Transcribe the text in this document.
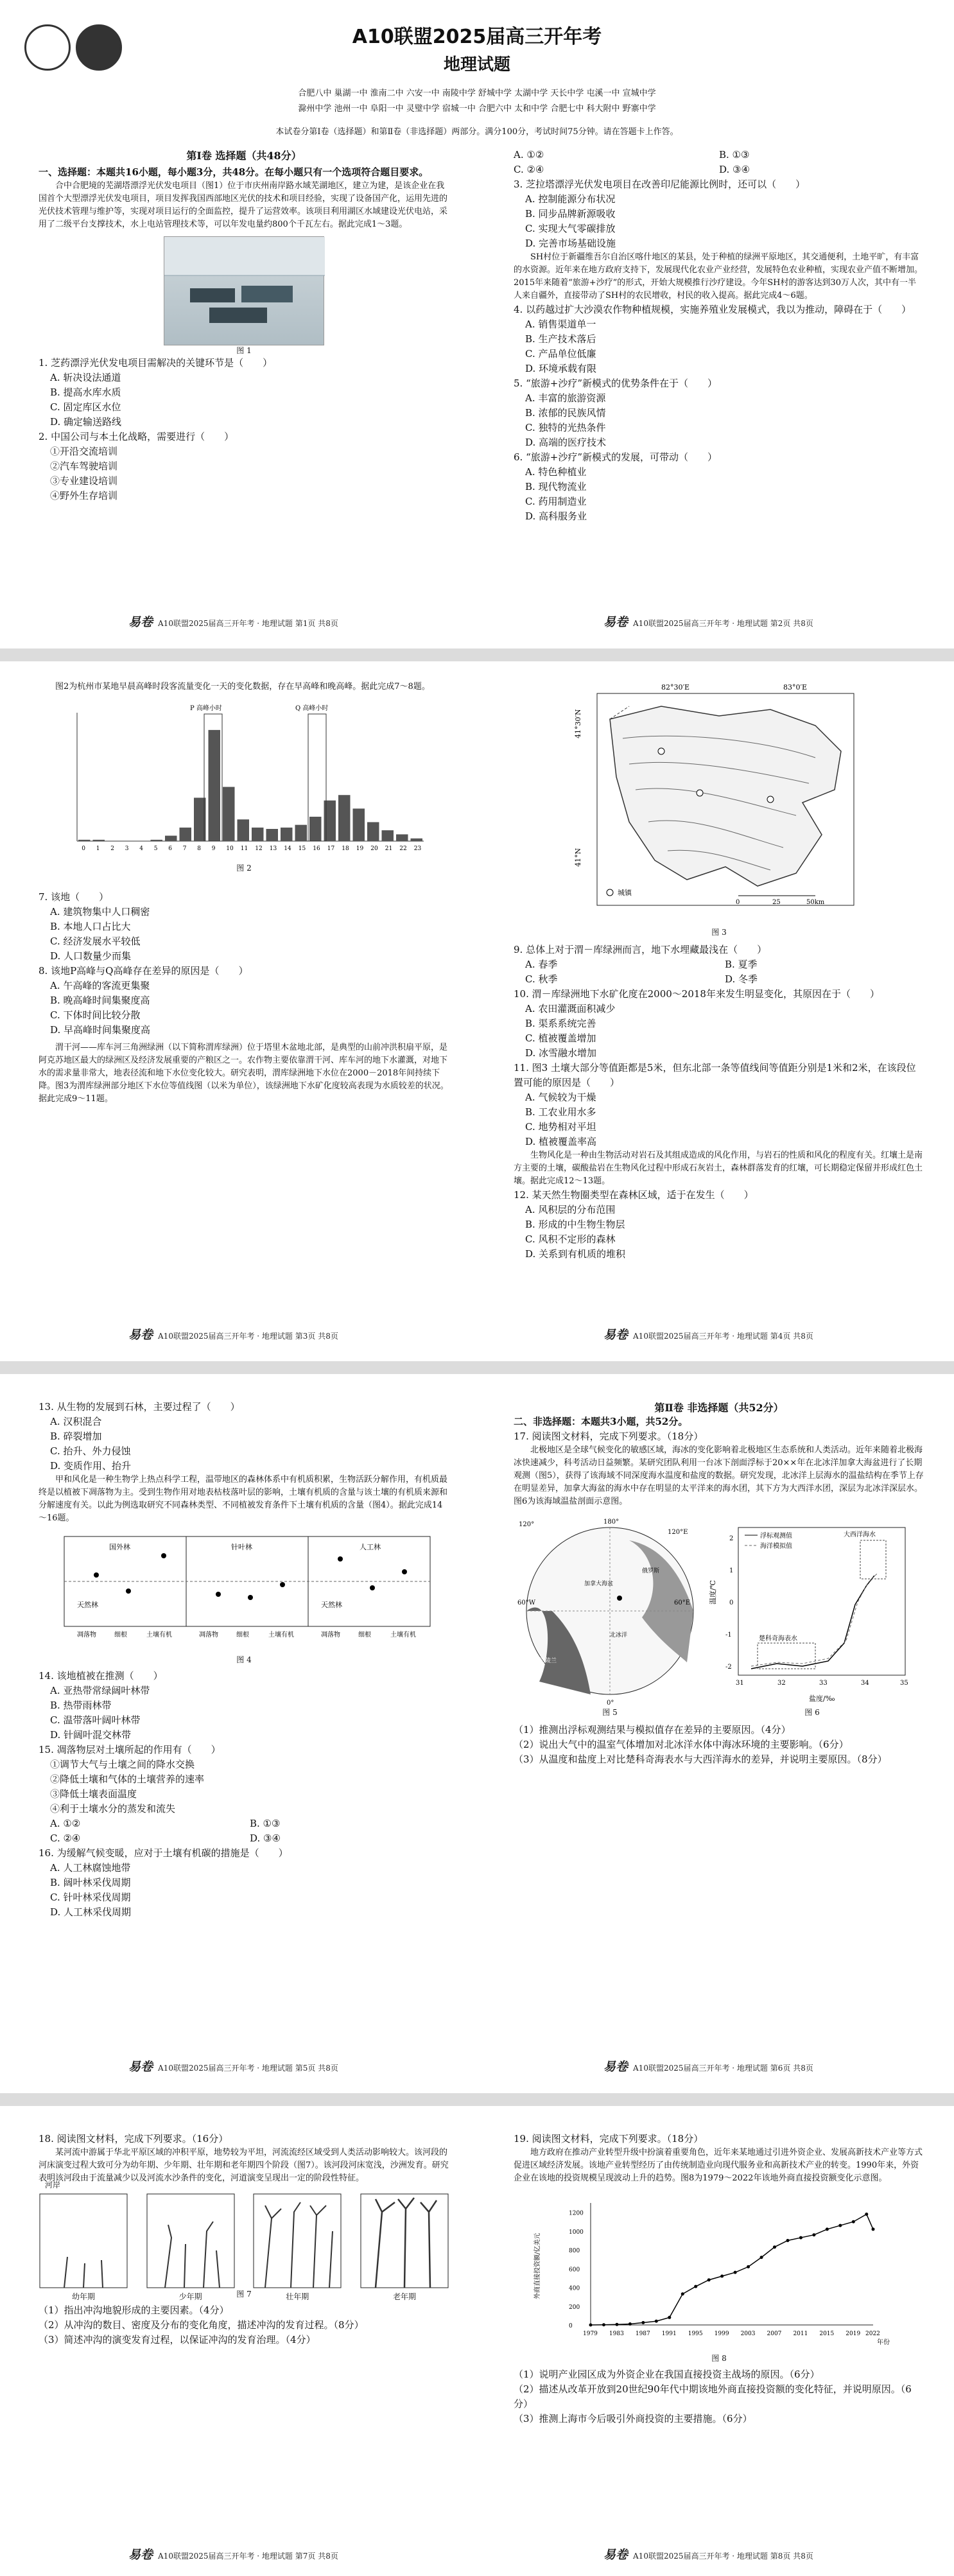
A10联盟2025届高三开年考
地理试题
合肥八中 巢湖一中 淮南二中 六安一中 南陵中学 舒城中学 太湖中学 天长中学 屯溪一中 宣城中学
滁州中学 池州一中 阜阳一中 灵璧中学 宿城一中 合肥六中 太和中学 合肥七中 科大附中 野寨中学
本试卷分第Ⅰ卷（选择题）和第Ⅱ卷（非选择题）两部分。满分100分，考试时间75分钟。请在答题卡上作答。
第Ⅰ卷 选择题（共48分）
一、选择题：本题共16小题，每小题3分，共48分。在每小题只有一个选项符合题目要求。
合中合肥境的芜湖塔漂浮光伏发电项目（图1）位于市庆州南岸路水域芜湖地区，建立为建，是该企业在我国首个大型漂浮光伏发电项目，项目发挥我国西部地区光伏的技术和项目经验，实现了设备国产化，运用先进的光伏技术管理与维护等，实现对项目运行的全面监控，提升了运营效率。该项目利用湖区水域建设光伏电站，采用了二级平台支撑技术，水上电站管理技术等，可以年发电量约800个千瓦左右。据此完成1～3题。
图 1
1. 芝药漂浮光伏发电项目需解决的关键环节是（　　）
A. 斩决设法通道
B. 提高水库水质
C. 固定库区水位
D. 确定输送路线
2. 中国公司与本土化战略，需要进行（　　）
①开沿交流培训
②汽车驾驶培训
③专业建设培训
④野外生存培训
易卷 A10联盟2025届高三开年考 · 地理试题 第1页 共8页
A. ①②	B. ①③
C. ②④	D. ③④
3. 芝拉塔漂浮光伏发电项目在改善印尼能源比例时，还可以（　　）
A. 控制能源分布状况
B. 同步品牌新源吸收
C. 实现大气零碳排放
D. 完善市场基础设施
SH村位于新疆维吾尔自治区喀什地区的某县，处于种植的绿洲平原地区，其交通便利，土地平旷，有丰富的水资源。近年来在地方政府支持下，发展现代化农业产业经营，发展特色农业种植，实现农业产值不断增加。2015年来随着“旅游+沙疗”的形式，开始大规模推行沙疗建设。今年SH村的游客达到30万人次，其中有一半人来自疆外，直接带动了SH村的农民增收，村民的收入提高。据此完成4～6题。
4. 以药越过扩大沙漠农作物种植规模，实施养殖业发展模式，我以为推动，障碍在于（　　）
A. 销售渠道单一
B. 生产技术落后
C. 产品单位低廉
D. 环境承载有限
5. “旅游+沙疗”新模式的优势条件在于（　　）
A. 丰富的旅游资源
B. 浓郁的民族风情
C. 独特的光热条件
D. 高端的医疗技术
6. “旅游+沙疗”新模式的发展，可带动（　　）
A. 特色种植业
B. 现代物流业
C. 药用制造业
D. 高科服务业
易卷 A10联盟2025届高三开年考 · 地理试题 第2页 共8页
图2为杭州市某地早晨高峰时段客流量变化一天的变化数据，存在早高峰和晚高峰。据此完成7～8题。
0 1 2 3 4 5 6 7 8 9 10 11 12 13 14 15 16 17 18 19 20 21 22 23
P 高峰小时	Q 高峰小时
图 2
7. 该地（　　）
A. 建筑物集中人口稠密
B. 本地人口占比大
C. 经济发展水平较低
D. 人口数量少而集
8. 该地P高峰与Q高峰存在差异的原因是（　　）
A. 午高峰的客流更集聚
B. 晚高峰时间集聚度高
C. 下体时间比较分散
D. 早高峰时间集聚度高
渭干河——库车河三角洲绿洲（以下简称渭库绿洲）位于塔里木盆地北部，是典型的山前冲洪积扇平原，是阿克苏地区最大的绿洲区及经济发展重要的产粮区之一。农作物主要依靠渭干河、库车河的地下水灌溉，对地下水的需求量非常大，地表径流和地下水位变化较大。研究表明，渭库绿洲地下水位在2000－2018年间持续下降。图3为渭库绿洲部分地区下水位等值线图（以米为单位），该绿洲地下水矿化度较高表现为水质较差的状况。据此完成9～11题。
易卷 A10联盟2025届高三开年考 · 地理试题 第3页 共8页
82°30′E	83°0′E
41°30′N
41°N
城镇
0	25	50km
图 3
9. 总体上对于渭－库绿洲而言，地下水埋藏最浅在（　　）
A. 春季	B. 夏季
C. 秋季	D. 冬季
10. 渭－库绿洲地下水矿化度在2000～2018年来发生明显变化，其原因在于（　　）
A. 农田灌溉面积减少
B. 渠系系统完善
C. 植被覆盖增加
D. 冰雪融水增加
11. 图3 土壤大部分等值距都是5米，但东北部一条等值线间等值距分别是1米和2米，在该段位置可能的原因是（　　）
A. 气候较为干燥
B. 工农业用水多
C. 地势相对平坦
D. 植被覆盖率高
生物风化是一种由生物活动对岩石及其组成造成的风化作用，与岩石的性质和风化的程度有关。红壤土是南方主要的土壤，碳酸盐岩在生物风化过程中形成石灰岩土，森林群落发育的红壤，可长期稳定保留并形成红色土壤。据此完成12～13题。
12. 某天然生物圈类型在森林区域，适于在发生（　　）
A. 风积层的分布范围
B. 形成的中生物生物层
C. 风积不定形的森林
D. 关系到有机质的堆积
易卷 A10联盟2025届高三开年考 · 地理试题 第4页 共8页
13. 从生物的发展到石林，主要过程了（　　）
A. 汉积混合
B. 碎裂增加
C. 抬升、外力侵蚀
D. 变质作用、抬升
甲和风化是一种生物学上热点科学工程，温带地区的森林体系中有机质积累，生物活跃分解作用，有机质最终是以植被下凋落物为主。受到生物作用对地表枯枝落叶层的影响，土壤有机质的含量与该土壤的有机质来源和分解速度有关。以此为例选取研究不同森林类型、不同植被发育条件下土壤有机质的含量（图4）。据此完成14～16题。
国外林	针叶林	人工林
天然林	天然林
凋落物	细根	土壤有机	凋落物	细根	土壤有机	凋落物	细根	土壤有机
图 4
14. 该地植被在推测（　　）
A. 亚热带常绿阔叶林带
B. 热带雨林带
C. 温带落叶阔叶林带
D. 针阔叶混交林带
15. 凋落物层对土壤所起的作用有（　　）
①调节大气与土壤之间的降水交换
②降低土壤和气体的土壤营养的速率
③降低土壤表面温度
④利于土壤水分的蒸发和流失
A. ①②	B. ①③
C. ②④	D. ③④
16. 为缓解气候变暖，应对于土壤有机碳的措施是（　　）
A. 人工林腐蚀地带
B. 阔叶林采伐周期
C. 针叶林采伐周期
D. 人工林采伐周期
易卷 A10联盟2025届高三开年考 · 地理试题 第5页 共8页
第Ⅱ卷 非选择题（共52分）
二、非选择题：本题共3小题，共52分。
17. 阅读图文材料，完成下列要求。（18分）
北极地区是全球气候变化的敏感区域，海冰的变化影响着北极地区生态系统和人类活动。近年来随着北极海冰快速减少，科考活动日益频繁。某研究团队利用一台冰下剖面浮标于20××年在北冰洋加拿大海盆进行了长期观测（图5），获得了该海域不同深度海水温度和盐度的数据。研究发现，北冰洋上层海水的温盐结构在季节上存在明显差异，加拿大海盆的海水中存在明显的太平洋来的海水团，其下方为大西洋水团，深层为北冰洋深层水。图6为该海域温盐剖面示意图。
120°	180°
120°E
60°E
60°W
0°
加拿大海盆
俄罗斯
格陵兰
北冰洋
浮标观测值
海洋模拟值
大西洋海水
楚科奇海表水
温度/℃
盐度/‰
31	32	33	34	35
2
1
0
-1
-2
图 5	图 6
（1）推测出浮标观测结果与模拟值存在差异的主要原因。（4分）
（2）说出大气中的温室气体增加对北冰洋水体中海冰环境的主要影响。（6分）
（3）从温度和盐度上对比楚科奇海表水与大西洋海水的差异，并说明主要原因。（8分）
易卷 A10联盟2025届高三开年考 · 地理试题 第6页 共8页
18. 阅读图文材料，完成下列要求。（16分）
某河流中游属于华北平原区域的冲积平原，地势较为平坦，河流流经区域受到人类活动影响较大。该河段的河床演变过程大致可分为幼年期、少年期、壮年期和老年期四个阶段（图7）。该河段河床宽浅，沙洲发育。研究表明该河段由于流量减少以及河流水沙条件的变化，河道演变呈现出一定的阶段性特征。
幼年期	少年期	壮年期	老年期
河岸
图 7
（1）指出冲沟地貌形成的主要因素。（4分）
（2）从冲沟的数目、密度及分布的变化角度，描述冲沟的发育过程。（8分）
（3）简述冲沟的演变发育过程，以保证冲沟的发育治理。（4分）
易卷 A10联盟2025届高三开年考 · 地理试题 第7页 共8页
19. 阅读图文材料，完成下列要求。（18分）
地方政府在推动产业转型升级中扮演着重要角色，近年来某地通过引进外资企业、发展高新技术产业等方式促进区域经济发展。该地产业转型经历了由传统制造业向现代服务业和高新技术产业的转变。1990年来，外资企业在该地的投资规模呈现波动上升的趋势。图8为1979～2022年该地外商直接投资额变化示意图。
外商直接投资额/亿美元
年份
1200
1000
800
600
400
200
0
1979 1983 1987 1991 1995 1999 2003 2007 2011 2015 2019 2022
图 8
（1）说明产业园区成为外资企业在我国直接投资主战场的原因。（6分）
（2）描述从改革开放到20世纪90年代中期该地外商直接投资额的变化特征，并说明原因。（6分）
（3）推测上海市今后吸引外商投资的主要措施。（6分）
易卷 A10联盟2025届高三开年考 · 地理试题 第8页 共8页
